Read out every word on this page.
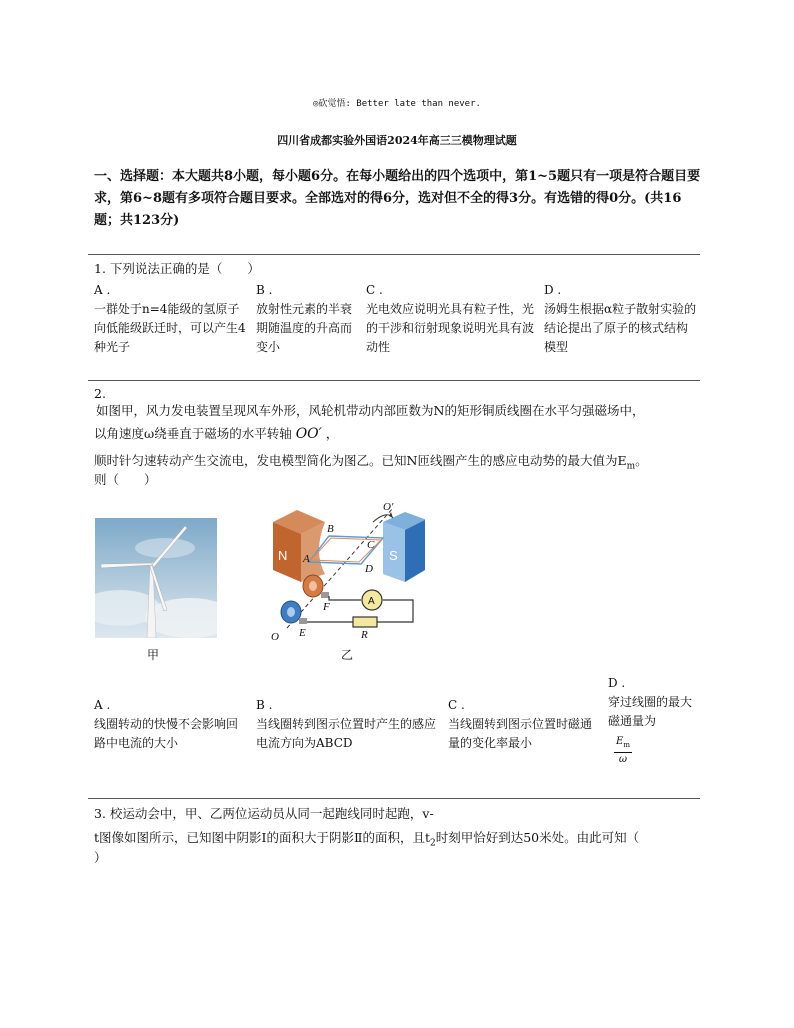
◎砍觉悟: Better late than never.
四川省成都实验外国语2024年高三三模物理试题
一、选择题：本大题共8小题，每小题6分。在每小题给出的四个选项中，第1~5题只有一项是符合题目要求，第6~8题有多项符合题目要求。全部选对的得6分，选对但不全的得3分。有选错的得0分。(共16题；共123分)
1. 下列说法正确的是（　　）
A .
一群处于n=4能级的氢原子向低能级跃迁时，可以产生4种光子
B .
放射性元素的半衰期随温度的升高而变小
C .
光电效应说明光具有粒子性，光的干涉和衍射现象说明光具有波动性
D .
汤姆生根据α粒子散射实验的结论提出了原子的核式结构模型
2.
如图甲，风力发电装置呈现风车外形，风轮机带动内部匝数为N的矩形铜质线圈在水平匀强磁场中，
以角速度ω绕垂直于磁场的水平转轴 OO′ ，
顺时针匀速转动产生交流电，发电模型简化为图乙。已知N匝线圈产生的感应电动势的最大值为$E_m$。
则（　　）
甲
N	S
A
B
C
D
F
E	R
O
O′
A
乙
A .
线圈转动的快慢不会影响回路中电流的大小
B .
当线圈转到图示位置时产生的感应电流方向为ABCD
C .
当线圈转到图示位置时磁通量的变化率最小
D .
穿过线圈的最大磁通量为
$\frac{E_m}{\omega}$
3. 校运动会中，甲、乙两位运动员从同一起跑线同时起跑，v-
t图像如图所示，已知图中阴影Ⅰ的面积大于阴影Ⅱ的面积，且$t_2$时刻甲恰好到达50米处。由此可知（
）
